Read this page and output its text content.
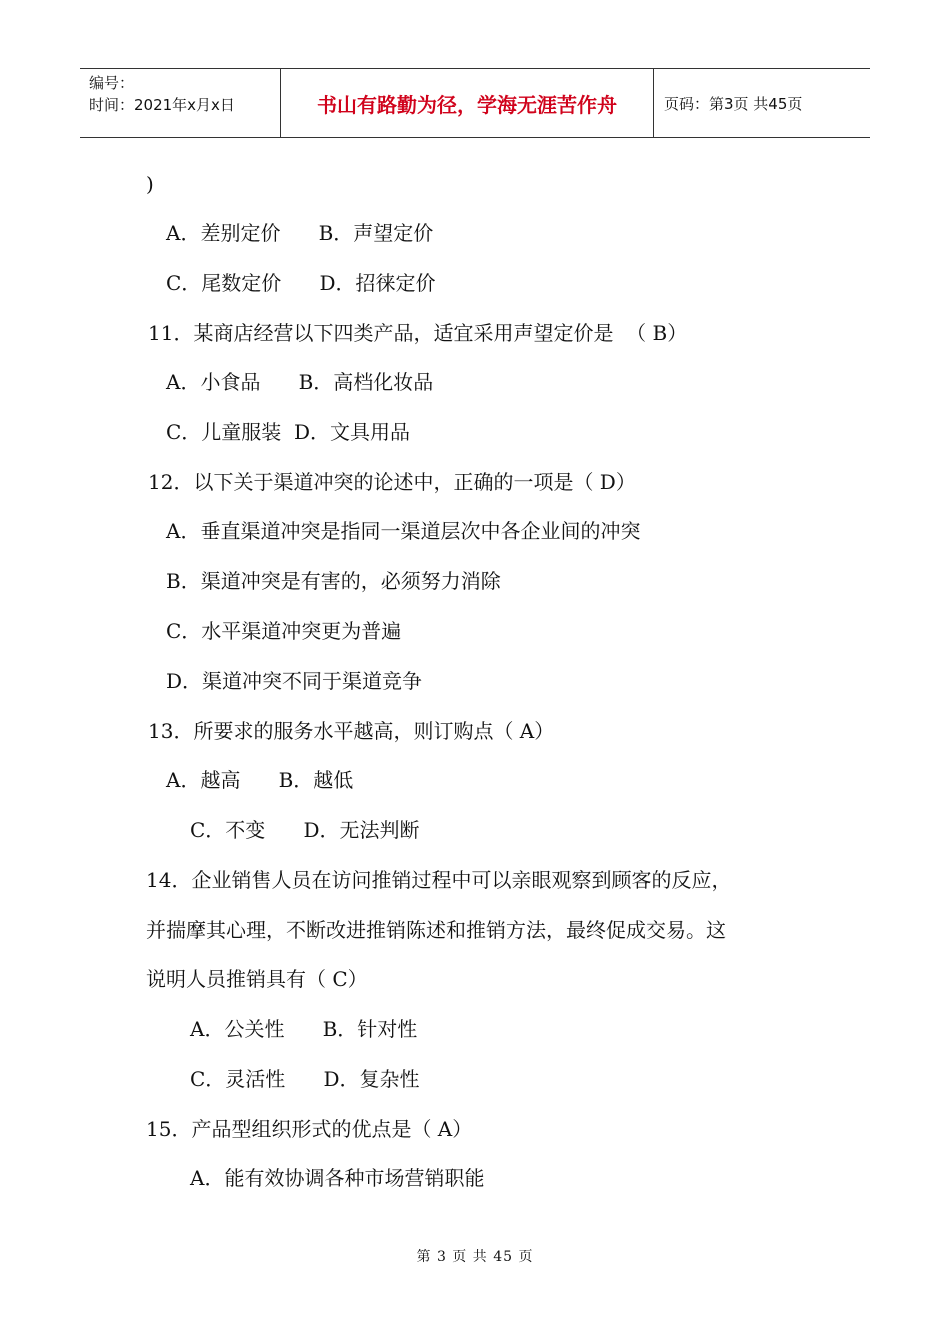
编号：
时间：2021年x月x日	书山有路勤为径，学海无涯苦作舟	页码：第3页 共45页
)
A．差别定价      B．声望定价
C．尾数定价      D．招徕定价
11．某商店经营以下四类产品，适宜采用声望定价是  （ B）
A．小食品      B．高档化妆品
C．儿童服装  D．文具用品
12．以下关于渠道冲突的论述中，正确的一项是（ D）
A．垂直渠道冲突是指同一渠道层次中各企业间的冲突
B．渠道冲突是有害的，必须努力消除
C．水平渠道冲突更为普遍
D．渠道冲突不同于渠道竞争
13．所要求的服务水平越高，则订购点（ A）
A．越高      B．越低
C．不变      D．无法判断
14．企业销售人员在访问推销过程中可以亲眼观察到顾客的反应，
并揣摩其心理，不断改进推销陈述和推销方法，最终促成交易。这
说明人员推销具有（ C）
A．公关性      B．针对性
C．灵活性      D．复杂性
15．产品型组织形式的优点是（ A）
A．能有效协调各种市场营销职能
第 3 页 共 45 页
